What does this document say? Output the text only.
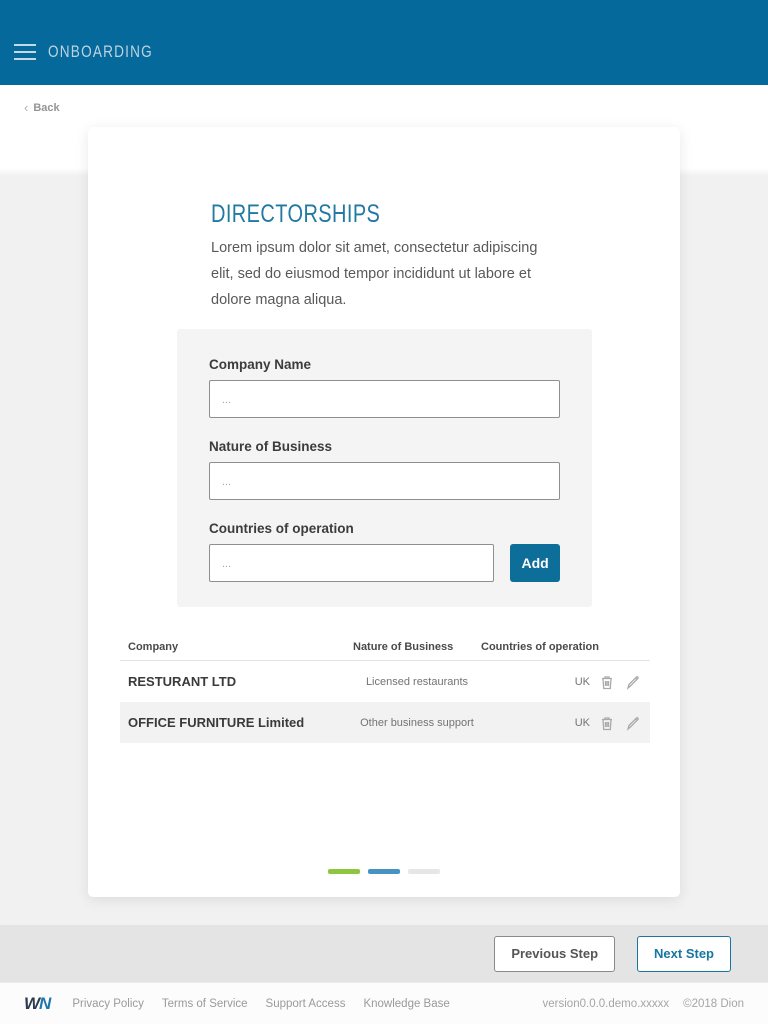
ONBOARDING
‹ Back
DIRECTORSHIPS
Lorem ipsum dolor sit amet, consectetur adipiscing elit, sed do eiusmod tempor incididunt ut labore et dolore magna aliqua.
Company Name
...
Nature of Business
...
Countries of operation
...
Add
Company	Nature of Business	Countries of operation
RESTURANT LTD	Licensed restaurants	UK
OFFICE FURNITURE Limited	Other business support	UK
Previous Step	Next Step
WN Privacy Policy Terms of Service Support Access Knowledge Base	version0.0.0.demo.xxxxx ©2018 Dion
